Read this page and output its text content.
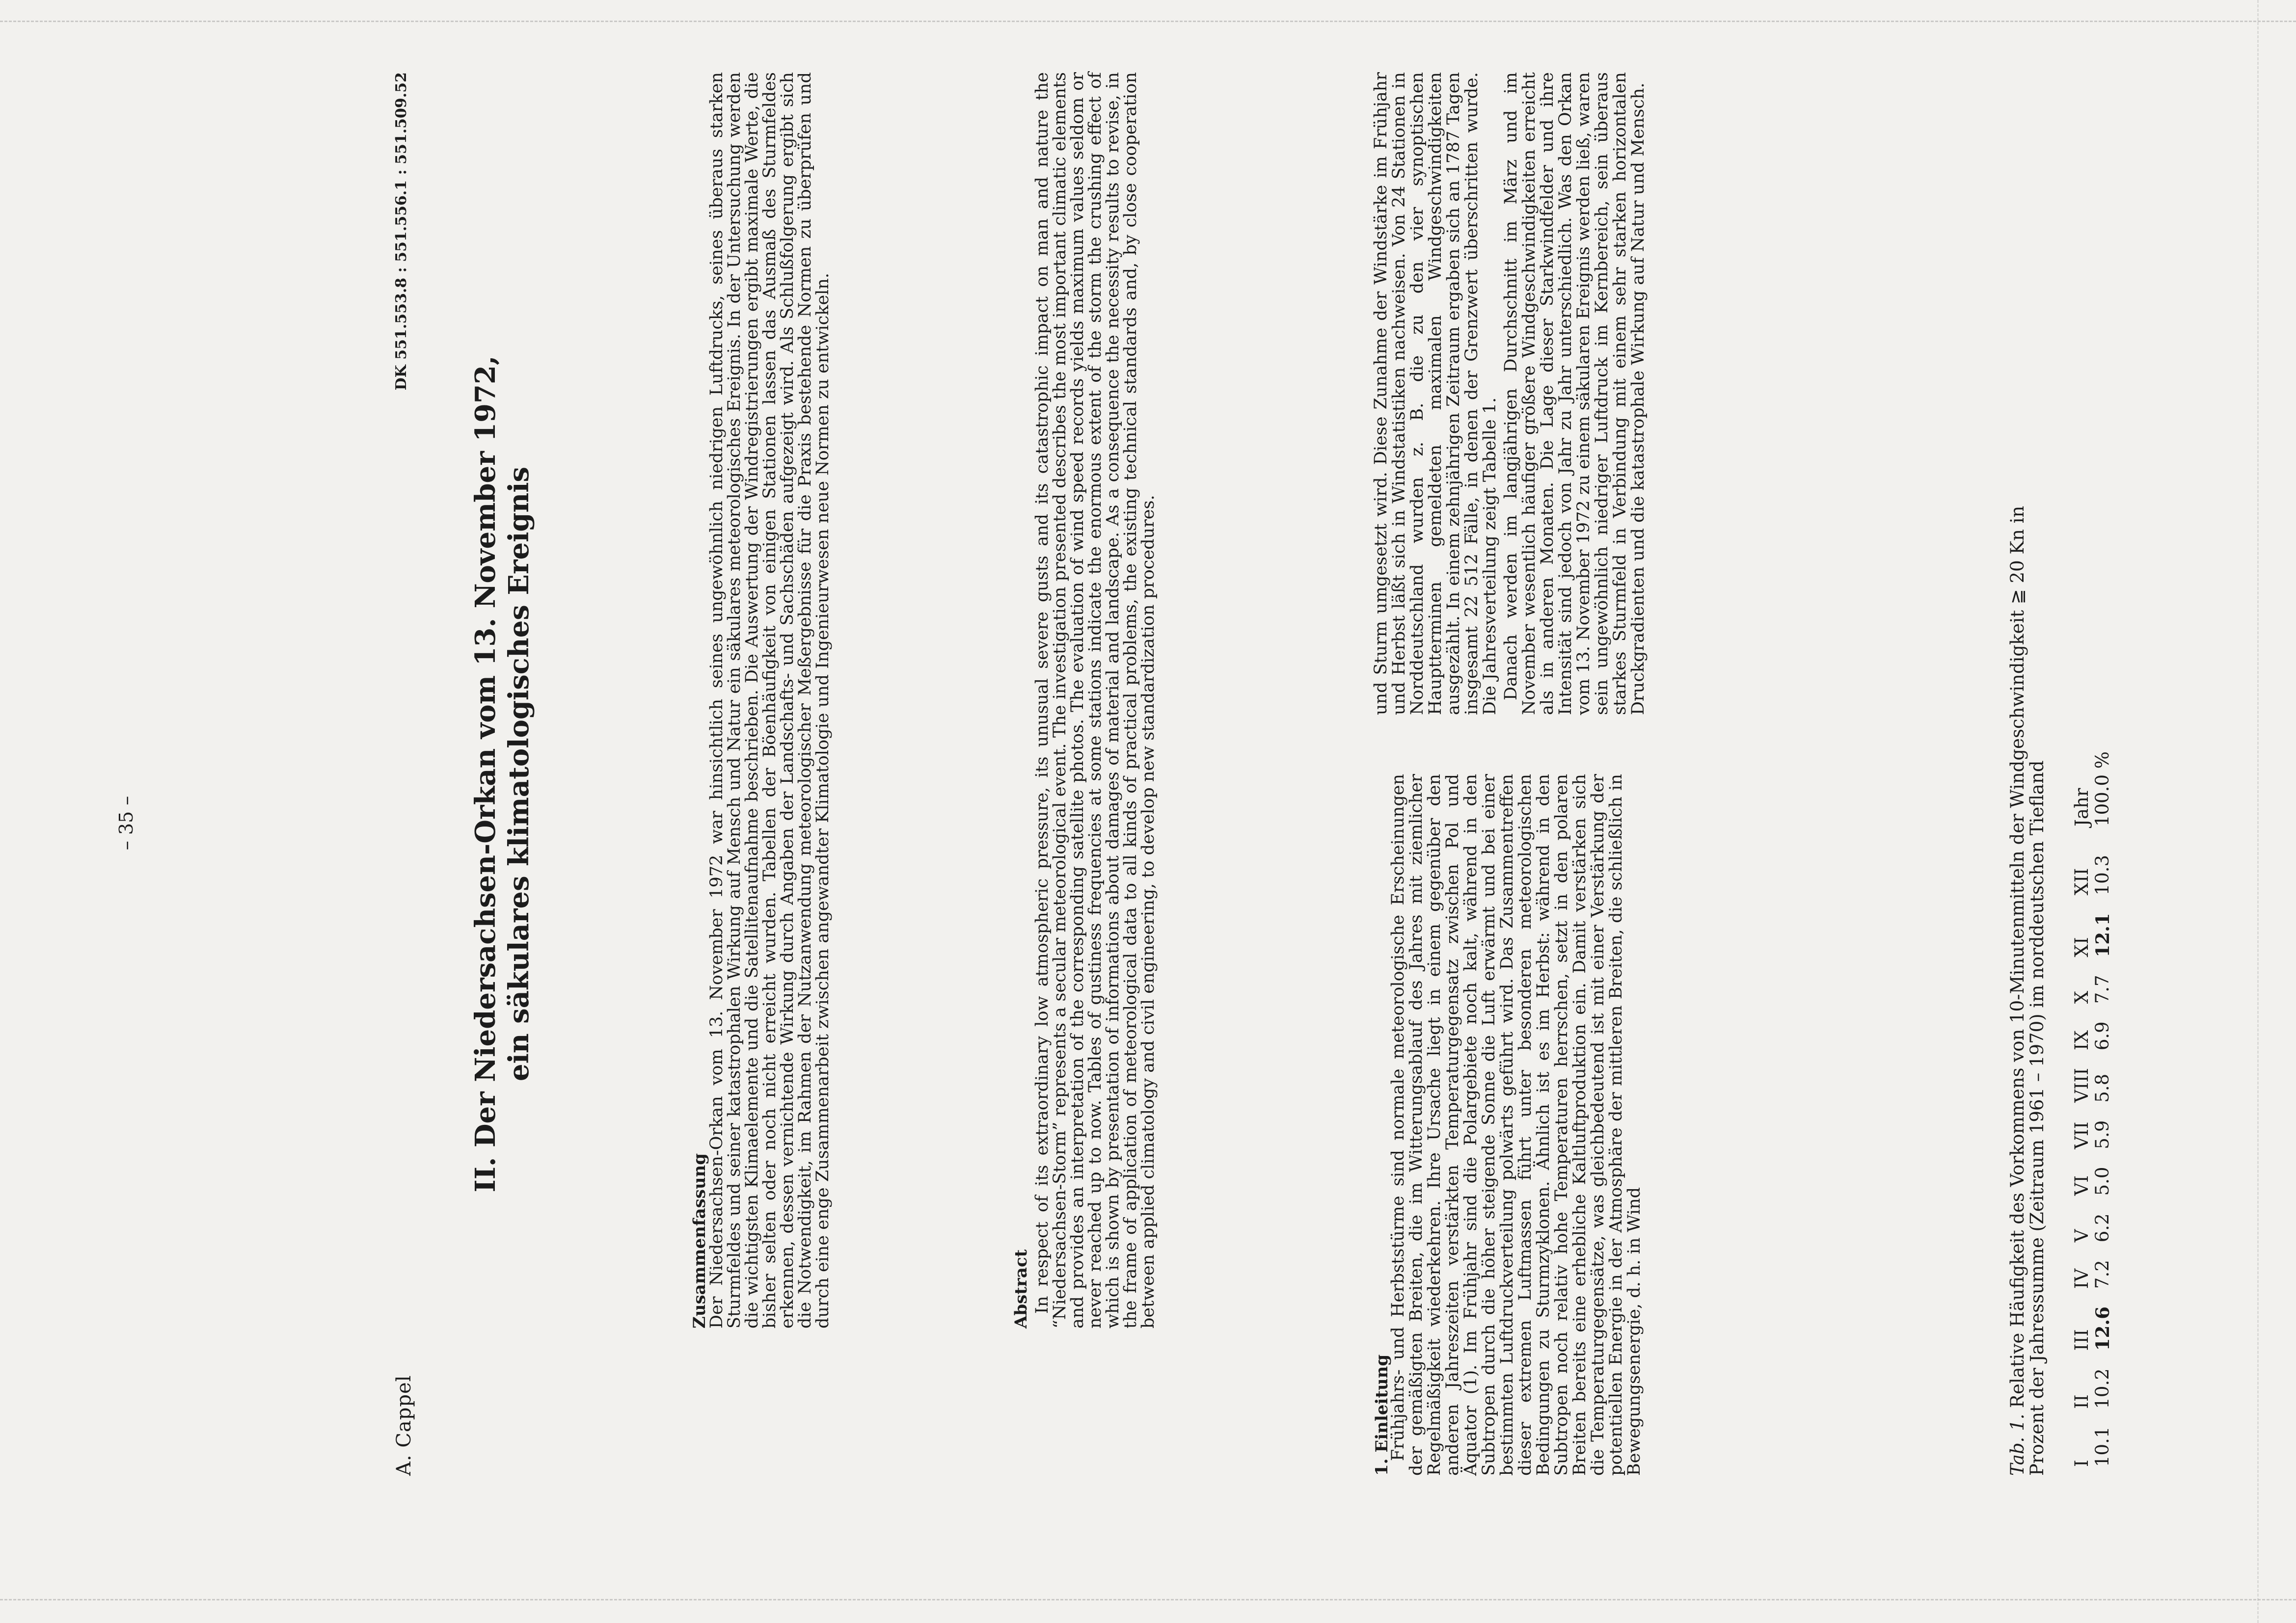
– 35 –
A. Cappel
DK 551.553.8 : 551.556.1 : 551.509.52
II. Der Niedersachsen-Orkan vom 13. November 1972, ein säkulares klimatologisches Ereignis
Zusammenfassung
Der Niedersachsen-Orkan vom 13. November 1972 war hinsichtlich seines ungewöhnlich niedrigen Luftdrucks, seines überaus starken Sturmfeldes und seiner katastrophalen Wirkung auf Mensch und Natur ein säkulares meteorologisches Ereignis. In der Untersuchung werden die wichtigsten Klimaelemente und die Satellitenaufnahme beschrieben. Die Auswertung der Windregistrierungen ergibt maximale Werte, die bisher selten oder noch nicht erreicht wurden. Tabellen der Böenhäufigkeit von einigen Stationen lassen das Ausmaß des Sturmfeldes erkennen, dessen vernichtende Wirkung durch Angaben der Landschafts- und Sachschäden aufgezeigt wird. Als Schlußfolgerung ergibt sich die Notwendigkeit, im Rahmen der Nutzanwendung meteorologischer Meßergebnisse für die Praxis bestehende Normen zu überprüfen und durch eine enge Zusammenarbeit zwischen angewandter Klimatologie und Ingenieurwesen neue Normen zu entwickeln.	Abstract In respect of its extraordinary low atmospheric pressure, its unusual severe gusts and its catastrophic impact on man and nature the “Niedersachsen-Storm” represents a secular meteorological event. The investigation presented describes the most important climatic elements and provides an interpretation of the corresponding satellite photos. The evaluation of wind speed records yields maximum values seldom or never reached up to now. Tables of gustiness frequencies at some stations indicate the enormous extent of the storm the crushing effect of which is shown by presentation of informations about damages of material and landscape. As a consequence the necessity results to revise, in the frame of application of meteorological data to all kinds of practical problems, the existing technical standards and, by close cooperation between applied climatology and civil engineering, to develop new standardization procedures.

1. Einleitung

Frühjahrs- und Herbststürme sind normale meteorologische Erscheinungen der gemäßigten Breiten, die im Witterungsablauf des Jahres mit ziemlicher Regelmäßigkeit wiederkehren. Ihre Ursache liegt in einem gegenüber den anderen Jahreszeiten verstärkten Temperaturgegensatz zwischen Pol und Äquator (1). Im Frühjahr sind die Polargebiete noch kalt, während in den Subtropen durch die höher steigende Sonne die Luft erwärmt und bei einer bestimmten Luftdruckverteilung polwärts geführt wird. Das Zusammentreffen dieser extremen Luftmassen führt unter besonderen meteorologischen Bedingungen zu Sturmzyklonen. Ähnlich ist es im Herbst: während in den Subtropen noch relativ hohe Temperaturen herrschen, setzt in den polaren Breiten bereits eine erhebliche Kaltluftproduktion ein. Damit verstärken sich die Temperaturgegensätze, was gleichbedeutend ist mit einer Verstärkung der potentiellen Energie in der Atmosphäre der mittleren Breiten, die schließlich in Bewegungsenergie, d. h. in Wind

und Sturm umgesetzt wird. Diese Zunahme der Windstärke im Frühjahr und Herbst läßt sich in Windstatistiken nachweisen. Von 24 Stationen in Norddeutschland wurden z. B. die zu den vier synoptischen Hauptterminen gemeldeten maximalen Windgeschwindigkeiten ausgezählt. In einem zehnjährigen Zeitraum ergaben sich an 1787 Tagen insgesamt 22 512 Fälle, in denen der Grenzwert überschritten wurde. Die Jahresverteilung zeigt Tabelle 1. Danach werden im langjährigen Durchschnitt im März und im November wesentlich häufiger größere Windgeschwindigkeiten erreicht als in anderen Monaten. Die Lage dieser Starkwindfelder und ihre Intensität sind jedoch von Jahr zu Jahr unterschiedlich. Was den Orkan vom 13. November 1972 zu einem säkularen Ereignis werden ließ, waren sein ungewöhnlich niedriger Luftdruck im Kernbereich, sein überaus starkes Sturmfeld in Verbindung mit einem sehr starken horizontalen Druckgradienten und die katastrophale Wirkung auf Natur und Mensch.

Tab. 1. Relative Häufigkeit des Vorkommens von 10-Minutenmitteln der Windgeschwindigkeit ≧ 20 Kn in
Prozent der Jahressumme (Zeitraum 1961 – 1970) im norddeutschen Tiefland I	II	III	IV	V	VI	VII	VIII	IX	X	XI	XII	Jahr
10.1	10.2	12.6	7.2	6.2	5.0	5.9	5.8	6.9	7.7	12.1	10.3	100.0 %
